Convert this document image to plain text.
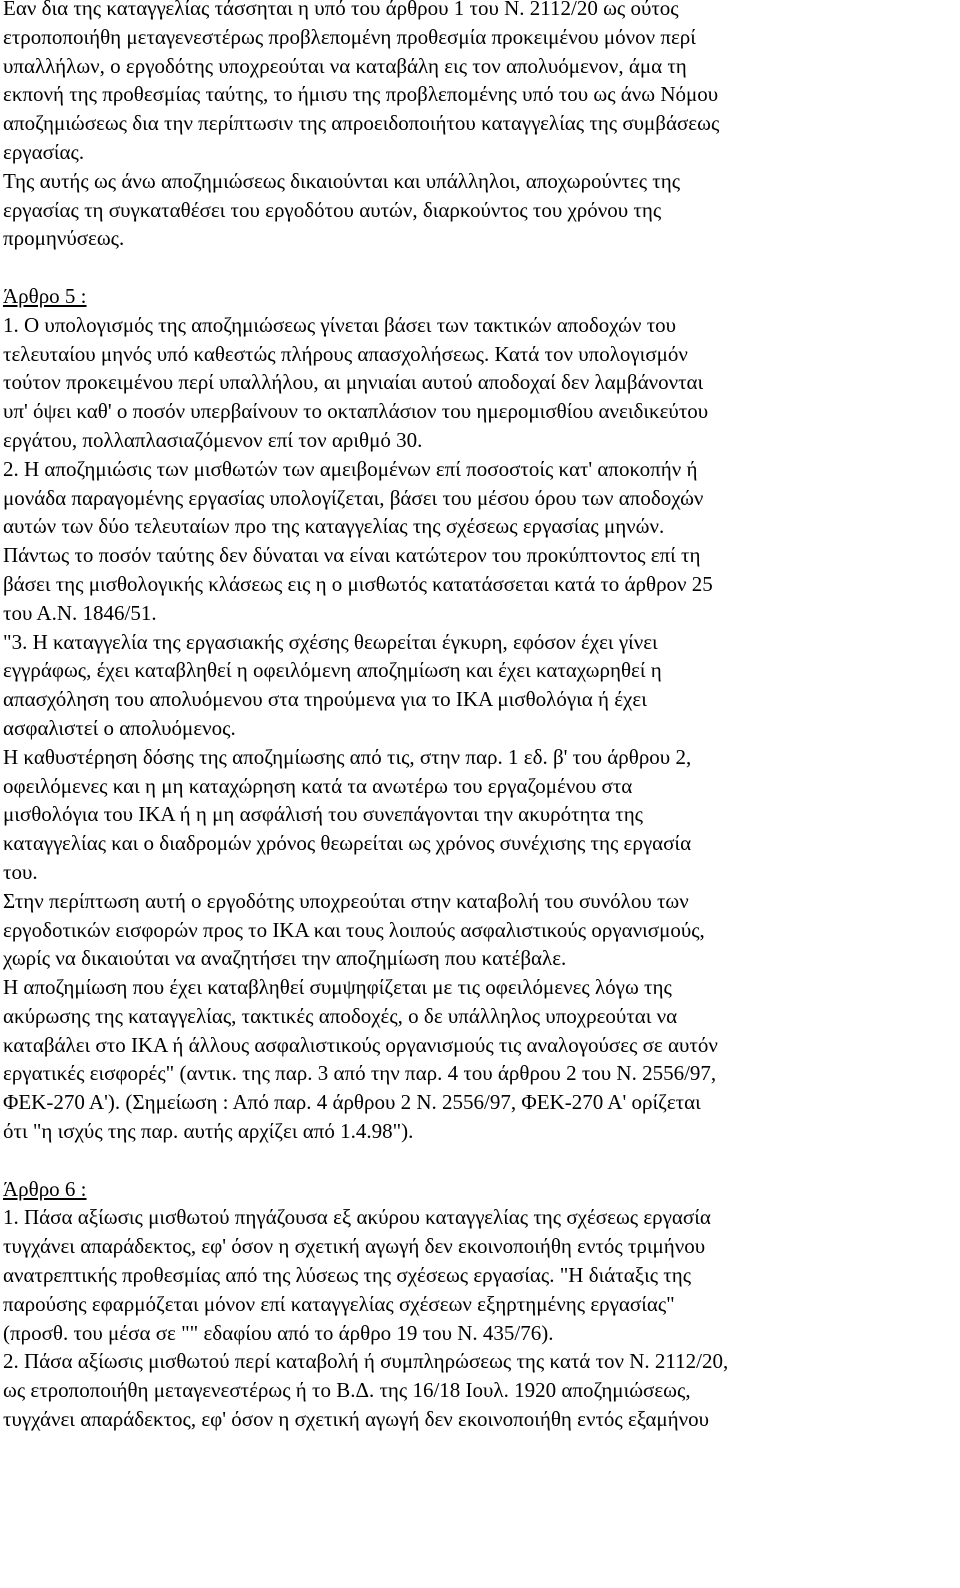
Εαν δια της καταγγελίας τάσσηται η υπό του άρθρου 1 του Ν. 2112/20 ως ούτος
ετροποποιήθη μεταγενεστέρως προβλεπομένη προθεσμία προκειμένου μόνον περί
υπαλλήλων, ο εργοδότης υποχρεούται να καταβάλη εις τον απολυόμενον, άμα τη
εκπονή της προθεσμίας ταύτης, το ήμισυ της προβλεπομένης υπό του ως άνω Νόμου
αποζημιώσεως δια την περίπτωσιν της απροειδοποιήτου καταγγελίας της συμβάσεως
εργασίας.
Της αυτής ως άνω αποζημιώσεως δικαιούνται και υπάλληλοι, αποχωρούντες της
εργασίας τη συγκαταθέσει του εργοδότου αυτών, διαρκούντος του χρόνου της
προμηνύσεως.
Άρθρο 5 :
1. Ο υπολογισμός της αποζημιώσεως γίνεται βάσει των τακτικών αποδοχών του
τελευταίου μηνός υπό καθεστώς πλήρους απασχολήσεως. Κατά τον υπολογισμόν
τούτον προκειμένου περί υπαλλήλου, αι μηνιαίαι αυτού αποδοχαί δεν λαμβάνονται
υπ' όψει καθ' ο ποσόν υπερβαίνουν το οκταπλάσιον του ημερομισθίου ανειδικεύτου
εργάτου, πολλαπλασιαζόμενον επί τον αριθμό 30.
2. Η αποζημιώσις των μισθωτών των αμειβομένων επί ποσοστοίς κατ' αποκοπήν ή
μονάδα παραγομένης εργασίας υπολογίζεται, βάσει του μέσου όρου των αποδοχών
αυτών των δύο τελευταίων προ της καταγγελίας της σχέσεως εργασίας μηνών.
Πάντως το ποσόν ταύτης δεν δύναται να είναι κατώτερον του προκύπτοντος επί τη
βάσει της μισθολογικής κλάσεως εις η ο μισθωτός κατατάσσεται κατά το άρθρον 25
του Α.Ν. 1846/51.
"3. Η καταγγελία της εργασιακής σχέσης θεωρείται έγκυρη, εφόσον έχει γίνει
εγγράφως, έχει καταβληθεί η οφειλόμενη αποζημίωση και έχει καταχωρηθεί η
απασχόληση του απολυόμενου στα τηρούμενα για το ΙΚΑ μισθολόγια ή έχει
ασφαλιστεί ο απολυόμενος.
Η καθυστέρηση δόσης της αποζημίωσης από τις, στην παρ. 1 εδ. β' του άρθρου 2,
οφειλόμενες και η μη καταχώρηση κατά τα ανωτέρω του εργαζομένου στα
μισθολόγια του ΙΚΑ ή η μη ασφάλισή του συνεπάγονται την ακυρότητα της
καταγγελίας και ο διαδρομών χρόνος θεωρείται ως χρόνος συνέχισης της εργασία
του.
Στην περίπτωση αυτή ο εργοδότης υποχρεούται στην καταβολή του συνόλου των
εργοδοτικών εισφορών προς το ΙΚΑ και τους λοιπούς ασφαλιστικούς οργανισμούς,
χωρίς να δικαιούται να αναζητήσει την αποζημίωση που κατέβαλε.
Η αποζημίωση που έχει καταβληθεί συμψηφίζεται με τις οφειλόμενες λόγω της
ακύρωσης της καταγγελίας, τακτικές αποδοχές, ο δε υπάλληλος υποχρεούται να
καταβάλει στο ΙΚΑ ή άλλους ασφαλιστικούς οργανισμούς τις αναλογούσες σε αυτόν
εργατικές εισφορές" (αντικ. της παρ. 3 από την παρ. 4 του άρθρου 2 του Ν. 2556/97,
ΦΕΚ-270 Α'). (Σημείωση : Από παρ. 4 άρθρου 2 Ν. 2556/97, ΦΕΚ-270 Α' ορίζεται
ότι "η ισχύς της παρ. αυτής αρχίζει από 1.4.98").
Άρθρο 6 :
1. Πάσα αξίωσις μισθωτού πηγάζουσα εξ ακύρου καταγγελίας της σχέσεως εργασία
τυγχάνει απαράδεκτος, εφ' όσον η σχετική αγωγή δεν εκοινοποιήθη εντός τριμήνου
ανατρεπτικής προθεσμίας από της λύσεως της σχέσεως εργασίας. "Η διάταξις της
παρούσης εφαρμόζεται μόνον επί καταγγελίας σχέσεων εξηρτημένης εργασίας"
(προσθ. του μέσα σε "" εδαφίου από το άρθρο 19 του Ν. 435/76).
2. Πάσα αξίωσις μισθωτού περί καταβολή ή συμπληρώσεως της κατά τον Ν. 2112/20,
ως ετροποποιήθη μεταγενεστέρως ή το Β.Δ. της 16/18 Ιουλ. 1920 αποζημιώσεως,
τυγχάνει απαράδεκτος, εφ' όσον η σχετική αγωγή δεν εκοινοποιήθη εντός εξαμήνου
